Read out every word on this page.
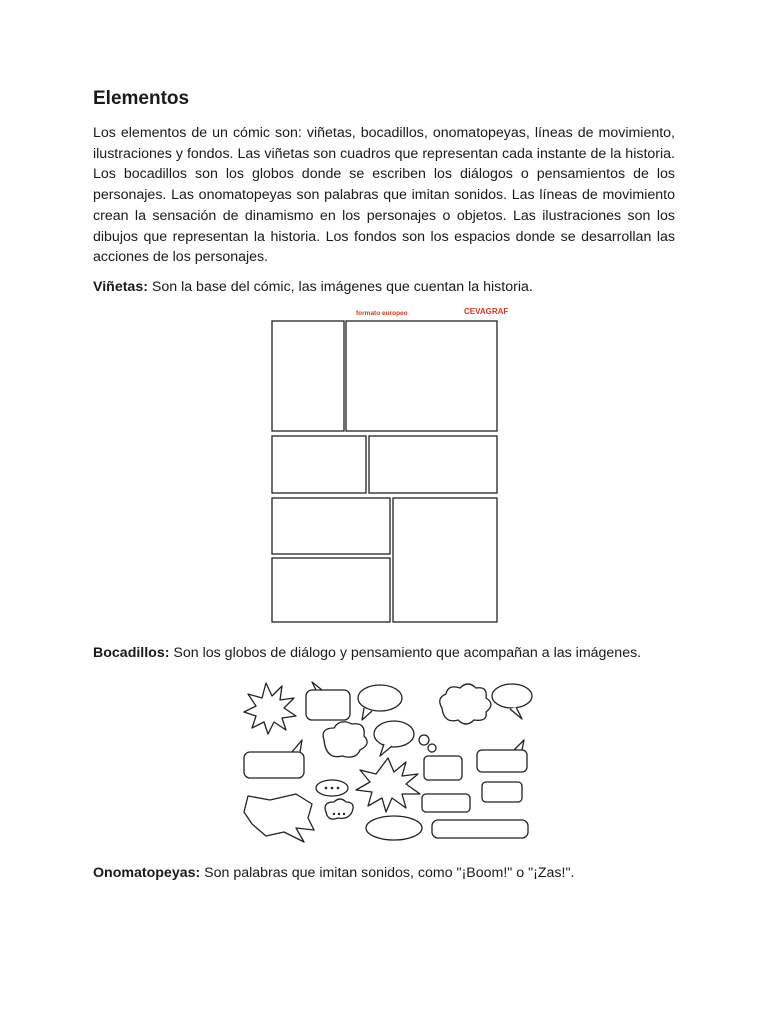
Elementos

Los elementos de un cómic son: viñetas, bocadillos, onomatopeyas, líneas de movimiento, ilustraciones y fondos. Las viñetas son cuadros que representan cada instante de la historia. Los bocadillos son los globos donde se escriben los diálogos o pensamientos de los personajes. Las onomatopeyas son palabras que imitan sonidos. Las líneas de movimiento crean la sensación de dinamismo en los personajes o objetos. Las ilustraciones son los dibujos que representan la historia. Los fondos son los espacios donde se desarrollan las acciones de los personajes.

Viñetas: Son la base del cómic, las imágenes que cuentan la historia.

formato europeo	CEVAGRAF

Bocadillos: Son los globos de diálogo y pensamiento que acompañan a las imágenes.

Onomatopeyas: Son palabras que imitan sonidos, como "¡Boom!" o "¡Zas!".
